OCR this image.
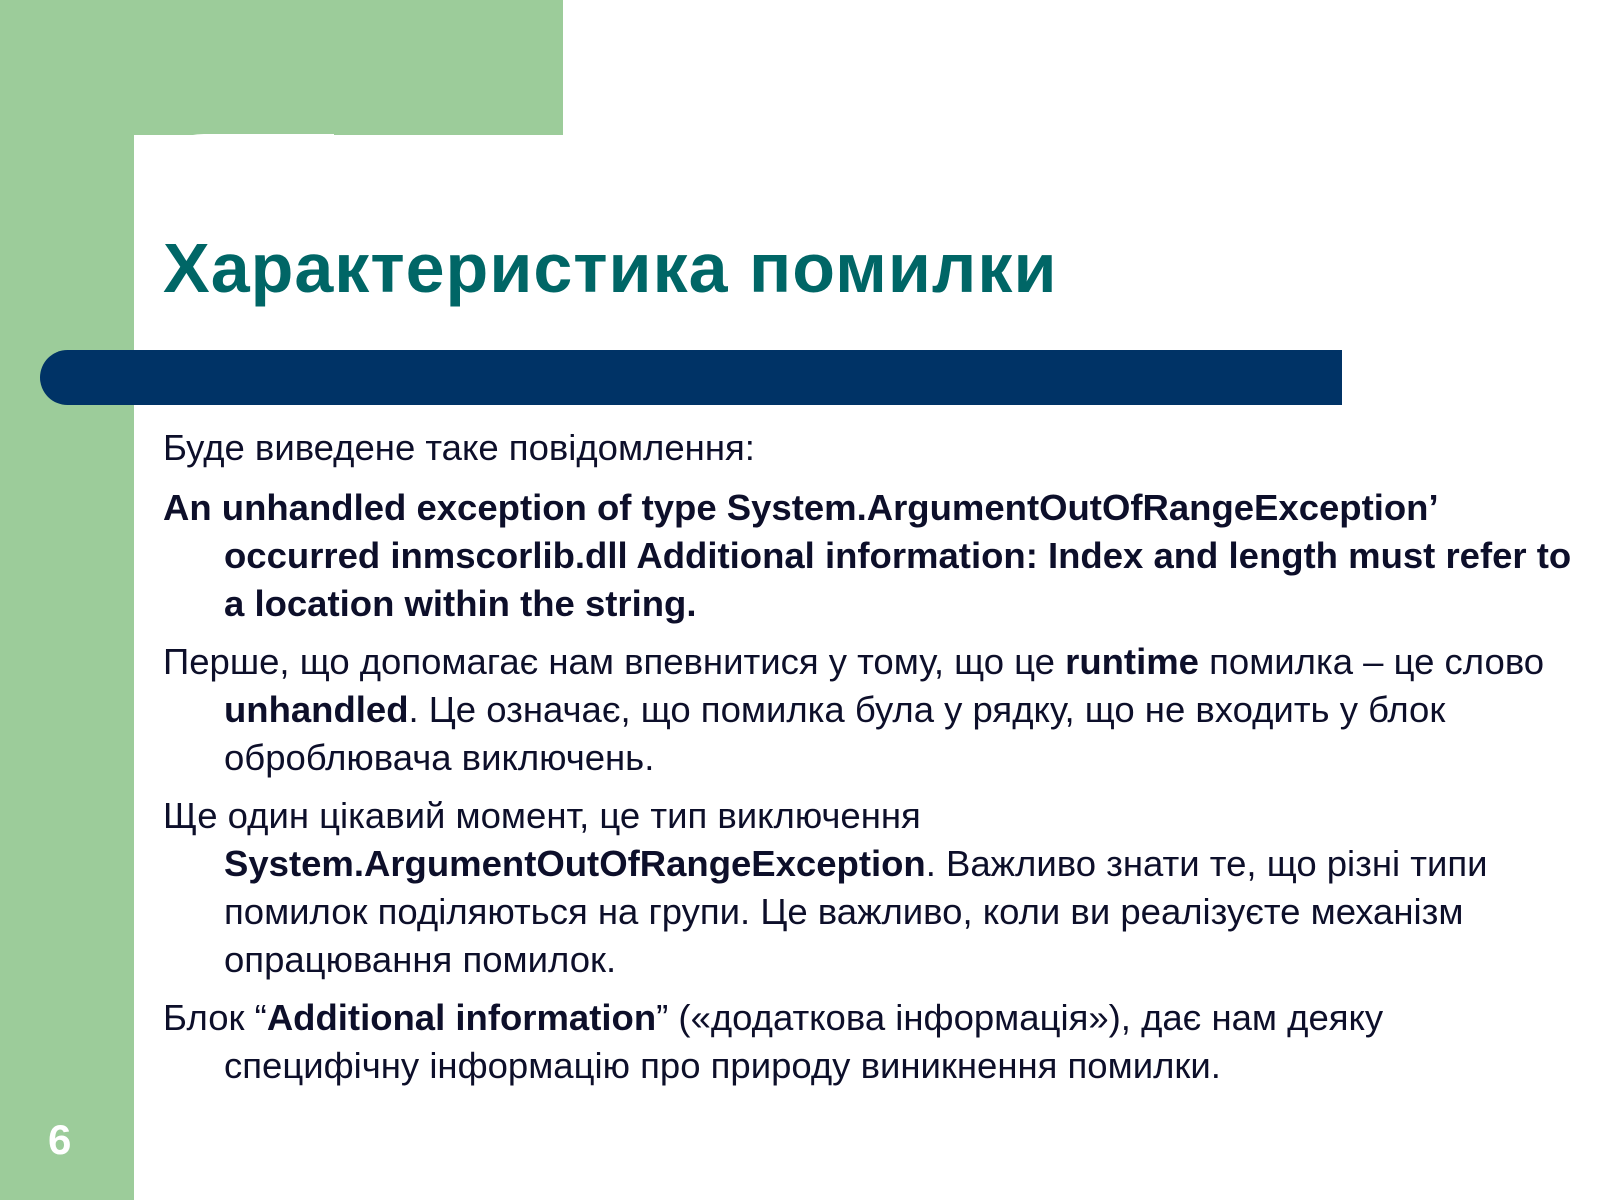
Характеристика помилки

Буде виведене таке повідомлення:

An unhandled exception of type System.ArgumentOutOfRangeException’ occurred inmscorlib.dll Additional information: Index and length must refer to a location within the string.

Перше, що допомагає нам впевнитися у тому, що це runtime помилка – це слово unhandled. Це означає, що помилка була у рядку, що не входить у блок оброблювача виключень.

Ще один цікавий момент, це тип виключення System.ArgumentOutOfRangeException. Важливо знати те, що різні типи помилок поділяються на групи. Це важливо, коли ви реалізуєте механізм опрацювання помилок.

Блок “Additional information” («додаткова інформація»), дає нам деяку специфічну інформацію про природу виникнення помилки.

6
